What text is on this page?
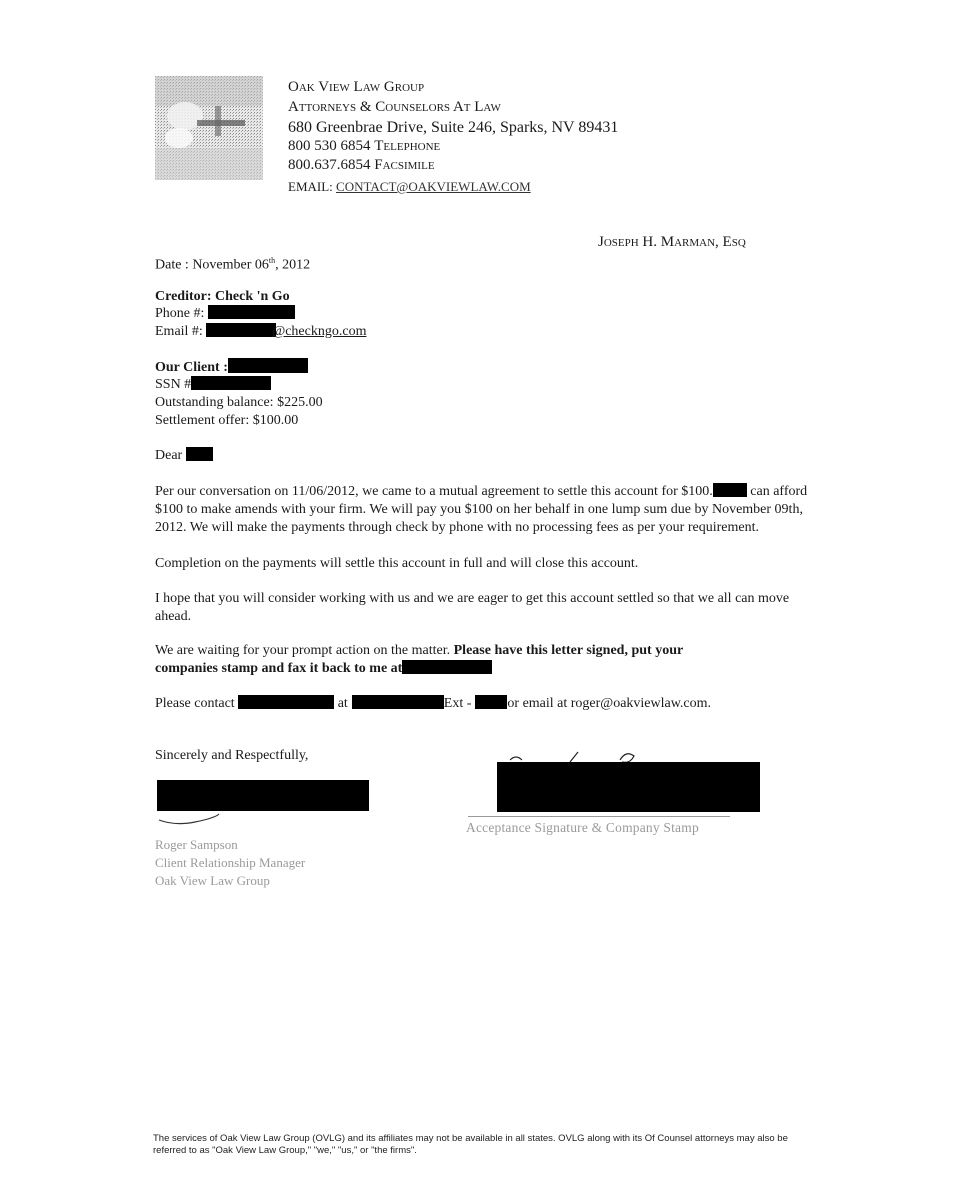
Oak View Law Group
Attorneys & Counselors At Law
680 Greenbrae Drive, Suite 246, Sparks, NV 89431
800 530 6854 Telephone
800.637.6854 Facsimile
EMAIL: CONTACT@OAKVIEWLAW.COM
Joseph H. Marman, Esq
Date : November 06th, 2012
Creditor: Check 'n Go
Phone #:
Email #:	@checkngo.com
Our Client :
SSN #
Outstanding balance: $225.00
Settlement offer: $100.00
Dear
Per our conversation on 11/06/2012, we came to a mutual agreement to settle this account for $100.	can afford $100 to make amends with your firm. We will pay you $100 on her behalf in one lump sum due by November 09th, 2012. We will make the payments through check by phone with no processing fees as per your requirement.
Completion on the payments will settle this account in full and will close this account.
I hope that you will consider working with us and we are eager to get this account settled so that we all can move ahead.
We are waiting for your prompt action on the matter. Please have this letter signed, put your companies stamp and fax it back to me at
Please contact	at	Ext -	or email at roger@oakviewlaw.com.
Sincerely and Respectfully,
Roger Sampson
Client Relationship Manager
Oak View Law Group
Acceptance Signature & Company Stamp
The services of Oak View Law Group (OVLG) and its affiliates may not be available in all states. OVLG along with its Of Counsel attorneys may also be referred to as "Oak View Law Group," "we," "us," or "the firms".
